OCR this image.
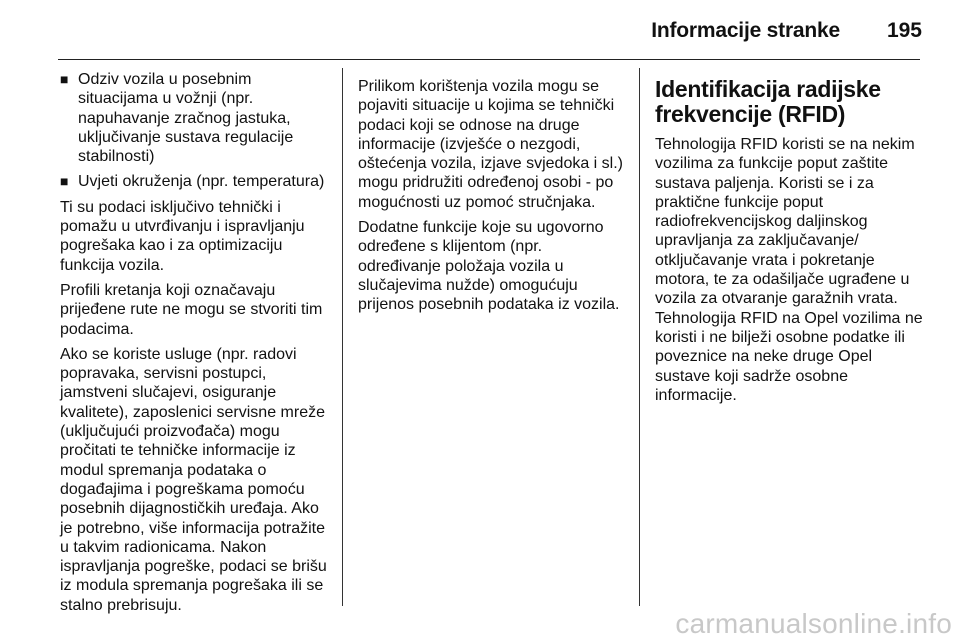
Informacije stranke 195
■ Odziv vozila u posebnim situacijama u vožnji (npr. napuhavanje zračnog jastuka, uključivanje sustava regulacije stabilnosti)
■ Uvjeti okruženja (npr. temperatura)

Ti su podaci isključivo tehnički i pomažu u utvrđivanju i ispravljanju pogrešaka kao i za optimizaciju funkcija vozila.

Profili kretanja koji označavaju prijeđene rute ne mogu se stvoriti tim podacima.

Ako se koriste usluge (npr. radovi popravaka, servisni postupci, jamstveni slučajevi, osiguranje kvalitete), zaposlenici servisne mreže (uključujući proizvođača) mogu pročitati te tehničke informacije iz modul spremanja podataka o događajima i pogreškama pomoću posebnih dijagnostičkih uređaja. Ako je potrebno, više informacija potražite u takvim radionicama. Nakon ispravljanja pogreške, podaci se brišu iz modula spremanja pogrešaka ili se stalno prebrisuju.

Prilikom korištenja vozila mogu se pojaviti situacije u kojima se tehnički podaci koji se odnose na druge informacije (izvješće o nezgodi, oštećenja vozila, izjave svjedoka i sl.) mogu pridružiti određenoj osobi - po mogućnosti uz pomoć stručnjaka.

Dodatne funkcije koje su ugovorno određene s klijentom (npr. određivanje položaja vozila u slučajevima nužde) omogućuju prijenos posebnih podataka iz vozila.

Identifikacija radijske frekvencije (RFID)

Tehnologija RFID koristi se na nekim vozilima za funkcije poput zaštite sustava paljenja. Koristi se i za praktične funkcije poput radiofrekvencijskog daljinskog upravljanja za zaključavanje/ otključavanje vrata i pokretanje motora, te za odašiljače ugrađene u vozila za otvaranje garažnih vrata. Tehnologija RFID na Opel vozilima ne koristi i ne bilježi osobne podatke ili poveznice na neke druge Opel sustave koji sadrže osobne informacije.

carmanualsonline.info
